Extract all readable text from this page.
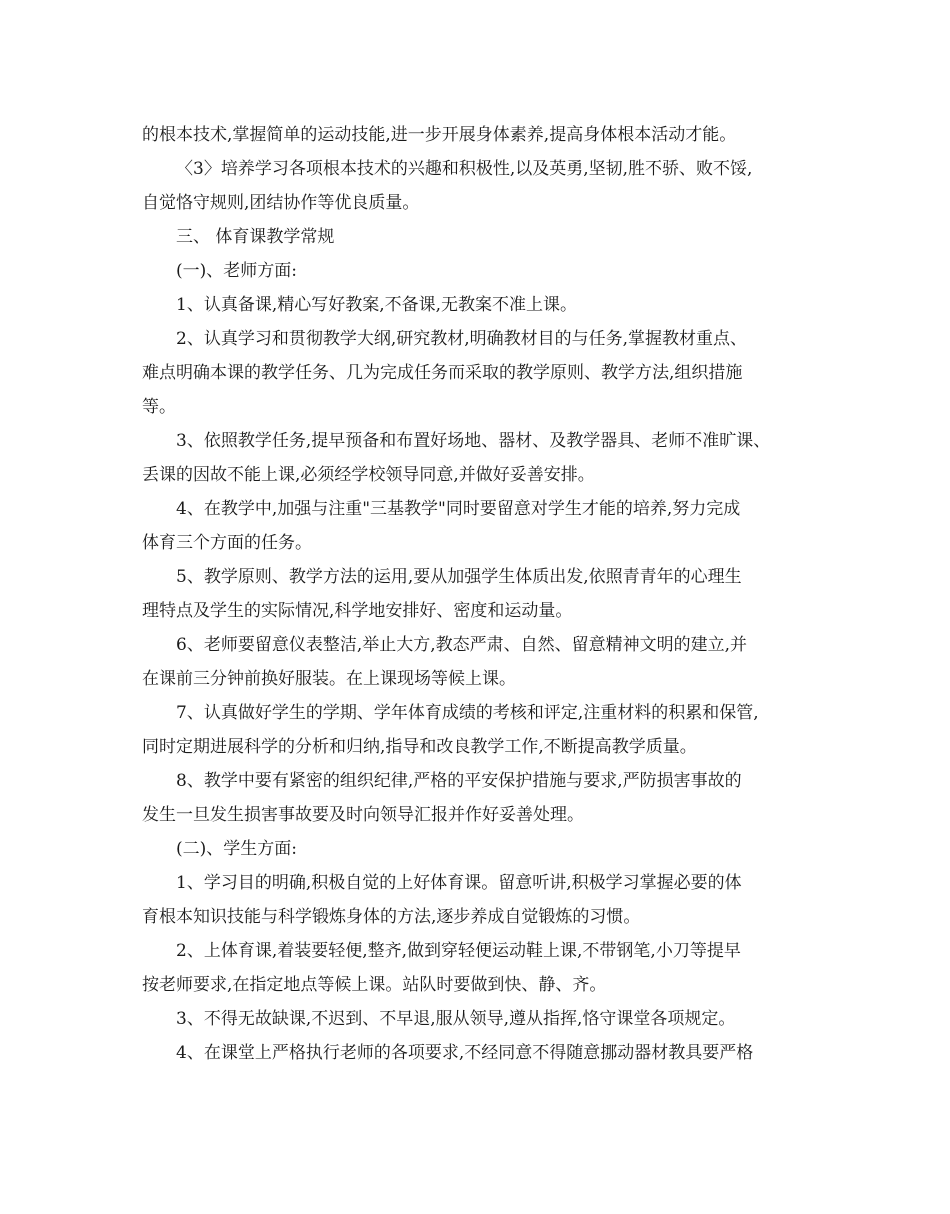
的根本技术,掌握简单的运动技能,进一步开展身体素养,提高身体根本活动才能。
〈3〉培养学习各项根本技术的兴趣和积极性,以及英勇,坚韧,胜不骄、败不馁,
自觉恪守规则,团结协作等优良质量。
三、 体育课教学常规
(一)、老师方面:
1、认真备课,精心写好教案,不备课,无教案不准上课。
2、认真学习和贯彻教学大纲,研究教材,明确教材目的与任务,掌握教材重点、
难点明确本课的教学任务、几为完成任务而采取的教学原则、教学方法,组织措施
等。
3、依照教学任务,提早预备和布置好场地、器材、及教学器具、老师不准旷课、
丢课的因故不能上课,必须经学校领导同意,并做好妥善安排。
4、在教学中,加强与注重"三基教学"同时要留意对学生才能的培养,努力完成
体育三个方面的任务。
5、教学原则、教学方法的运用,要从加强学生体质出发,依照青青年的心理生
理特点及学生的实际情况,科学地安排好、密度和运动量。
6、老师要留意仪表整洁,举止大方,教态严肃、自然、留意精神文明的建立,并
在课前三分钟前换好服装。在上课现场等候上课。
7、认真做好学生的学期、学年体育成绩的考核和评定,注重材料的积累和保管,
同时定期进展科学的分析和归纳,指导和改良教学工作,不断提高教学质量。
8、教学中要有紧密的组织纪律,严格的平安保护措施与要求,严防损害事故的
发生一旦发生损害事故要及时向领导汇报并作好妥善处理。
(二)、学生方面:
1、学习目的明确,积极自觉的上好体育课。留意听讲,积极学习掌握必要的体
育根本知识技能与科学锻炼身体的方法,逐步养成自觉锻炼的习惯。
2、上体育课,着装要轻便,整齐,做到穿轻便运动鞋上课,不带钢笔,小刀等提早
按老师要求,在指定地点等候上课。站队时要做到快、静、齐。
3、不得无故缺课,不迟到、不早退,服从领导,遵从指挥,恪守课堂各项规定。
4、在课堂上严格执行老师的各项要求,不经同意不得随意挪动器材教具要严格
